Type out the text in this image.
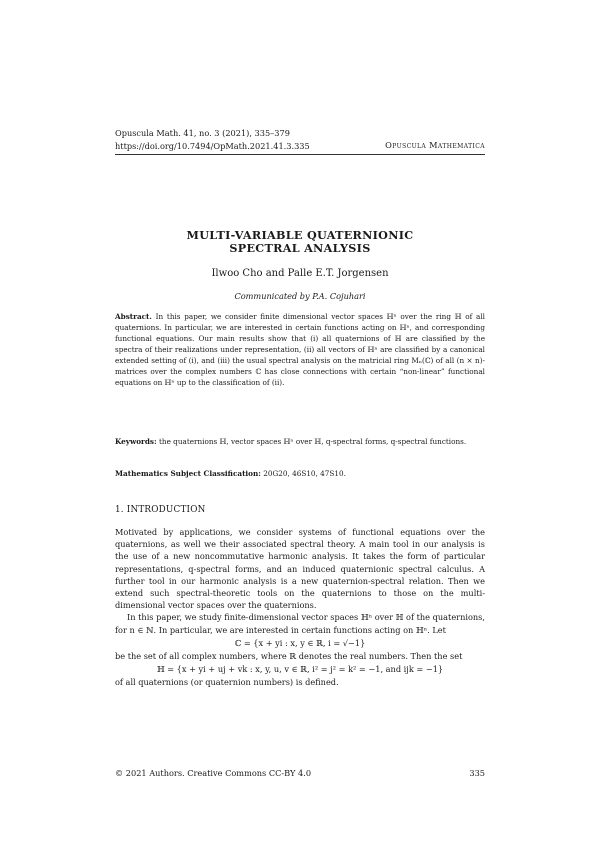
Opuscula Math. 41, no. 3 (2021), 335–379
https://doi.org/10.7494/OpMath.2021.41.3.335	Opuscula Mathematica
MULTI-VARIABLE QUATERNIONIC
SPECTRAL ANALYSIS
Ilwoo Cho and Palle E.T. Jorgensen
Communicated by P.A. Cojuhari
Abstract. In this paper, we consider finite dimensional vector spaces ℍⁿ over the ring ℍ of all quaternions. In particular, we are interested in certain functions acting on ℍⁿ, and corresponding functional equations. Our main results show that (i) all quaternions of ℍ are classified by the spectra of their realizations under representation, (ii) all vectors of ℍⁿ are classified by a canonical extended setting of (i), and (iii) the usual spectral analysis on the matricial ring Mₙ(ℂ) of all (n × n)-matrices over the complex numbers ℂ has close connections with certain “non-linear” functional equations on ℍⁿ up to the classification of (ii).
Keywords: the quaternions ℍ, vector spaces ℍⁿ over ℍ, q-spectral forms, q-spectral functions.
Mathematics Subject Classification: 20G20, 46S10, 47S10.
1. INTRODUCTION

Motivated by applications, we consider systems of functional equations over the quaternions, as well we their associated spectral theory. A main tool in our analysis is the use of a new noncommutative harmonic analysis. It takes the form of particular representations, q-spectral forms, and an induced quaternionic spectral calculus. A further tool in our harmonic analysis is a new quaternion-spectral relation. Then we extend such spectral-theoretic tools on the quaternions to those on the multi-dimensional vector spaces over the quaternions.

In this paper, we study finite-dimensional vector spaces ℍⁿ over ℍ of the quaternions, for n ∈ ℕ. In particular, we are interested in certain functions acting on ℍⁿ. Let

ℂ = {x + yi : x, y ∈ ℝ, i = √−1}

be the set of all complex numbers, where ℝ denotes the real numbers. Then the set

ℍ = {x + yi + uj + vk : x, y, u, v ∈ ℝ, i² = j² = k² = −1, and ijk = −1}

of all quaternions (or quaternion numbers) is defined.

© 2021 Authors. Creative Commons CC-BY 4.0	335
